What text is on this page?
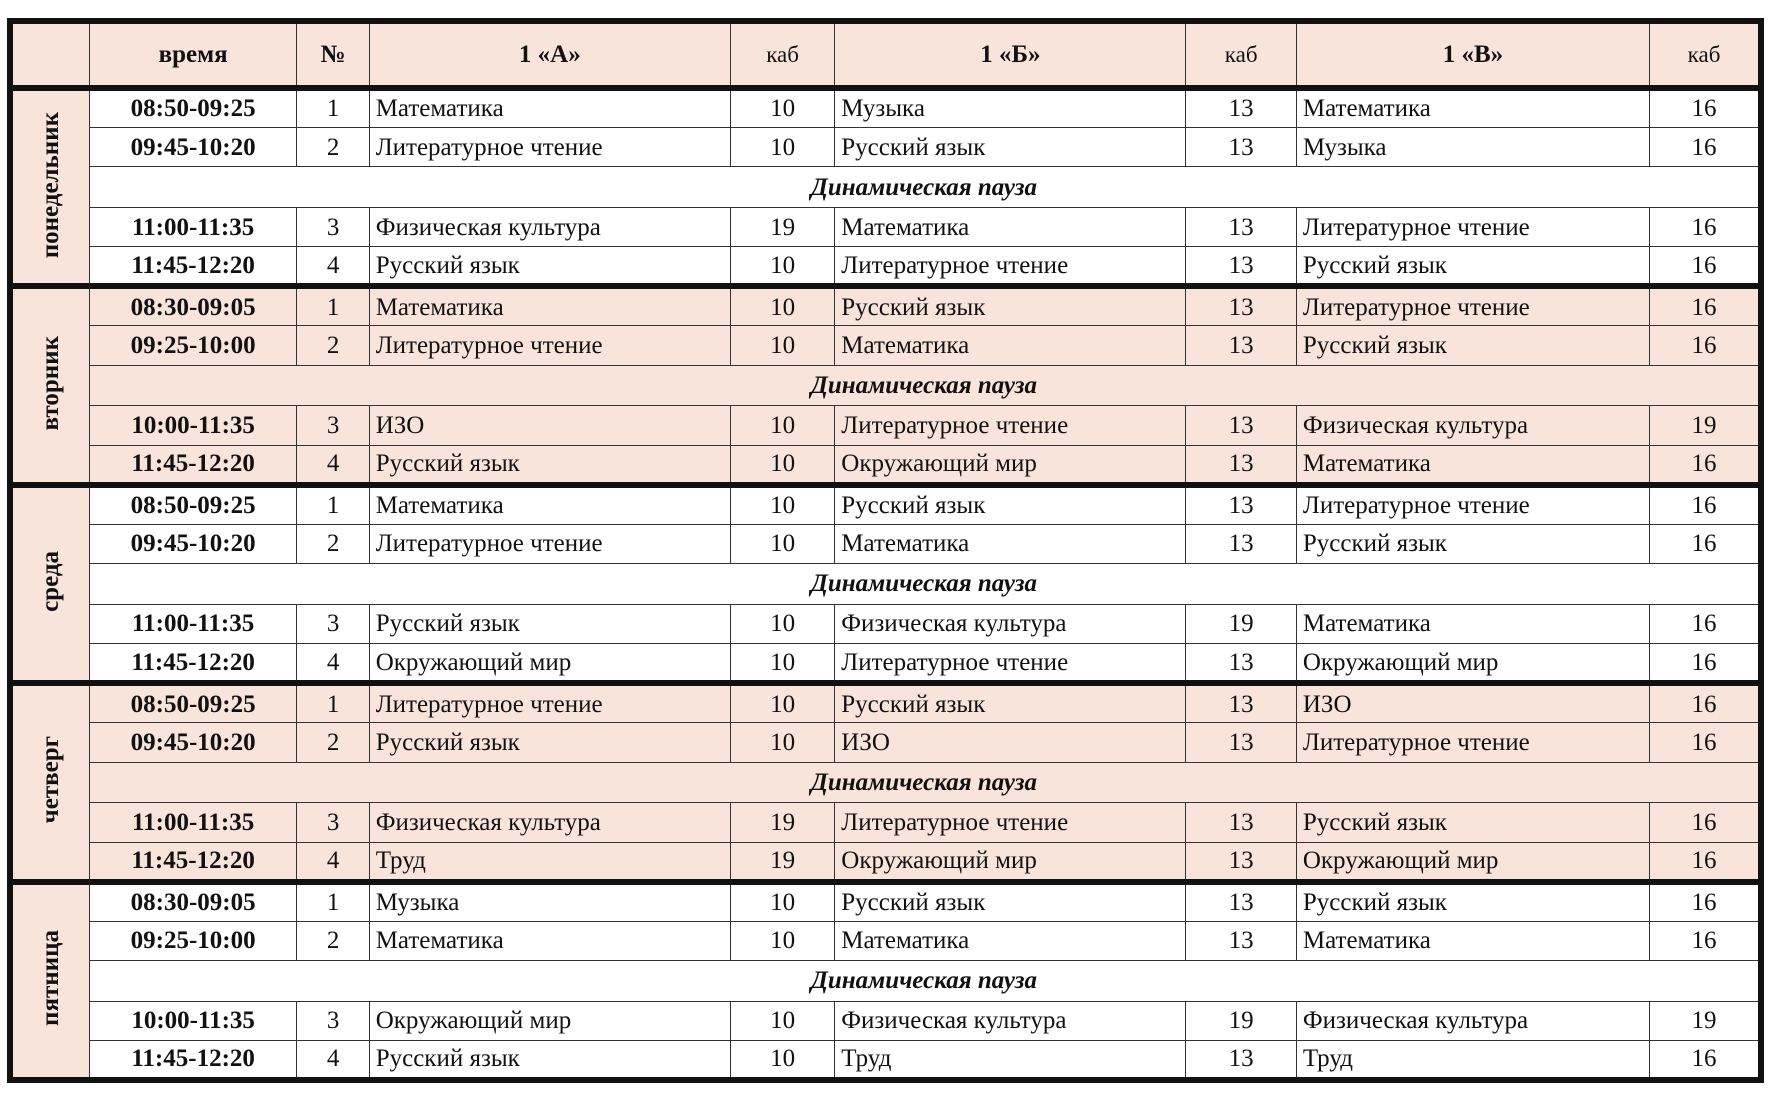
	время	№	1 «А»	каб	1 «Б»	каб	1 «В»	каб
понедельник	08:50-09:25	1	Математика	10	Музыка	13	Математика	16
	09:45-10:20	2	Литературное чтение	10	Русский язык	13	Музыка	16
	Динамическая пауза							
	11:00-11:35	3	Физическая культура	19	Математика	13	Литературное чтение	16
	11:45-12:20	4	Русский язык	10	Литературное чтение	13	Русский язык	16
вторник	08:30-09:05	1	Математика	10	Русский язык	13	Литературное чтение	16
	09:25-10:00	2	Литературное чтение	10	Математика	13	Русский язык	16
	Динамическая пауза							
	10:00-11:35	3	ИЗО	10	Литературное чтение	13	Физическая культура	19
	11:45-12:20	4	Русский язык	10	Окружающий мир	13	Математика	16
среда	08:50-09:25	1	Математика	10	Русский язык	13	Литературное чтение	16
	09:45-10:20	2	Литературное чтение	10	Математика	13	Русский язык	16
	Динамическая пауза							
	11:00-11:35	3	Русский язык	10	Физическая культура	19	Математика	16
	11:45-12:20	4	Окружающий мир	10	Литературное чтение	13	Окружающий мир	16
четверг	08:50-09:25	1	Литературное чтение	10	Русский язык	13	ИЗО	16
	09:45-10:20	2	Русский язык	10	ИЗО	13	Литературное чтение	16
	Динамическая пауза							
	11:00-11:35	3	Физическая культура	19	Литературное чтение	13	Русский язык	16
	11:45-12:20	4	Труд	19	Окружающий мир	13	Окружающий мир	16
пятница	08:30-09:05	1	Музыка	10	Русский язык	13	Русский язык	16
	09:25-10:00	2	Математика	10	Математика	13	Математика	16
	Динамическая пауза							
	10:00-11:35	3	Окружающий мир	10	Физическая культура	19	Физическая культура	19
	11:45-12:20	4	Русский язык	10	Труд	13	Труд	16
